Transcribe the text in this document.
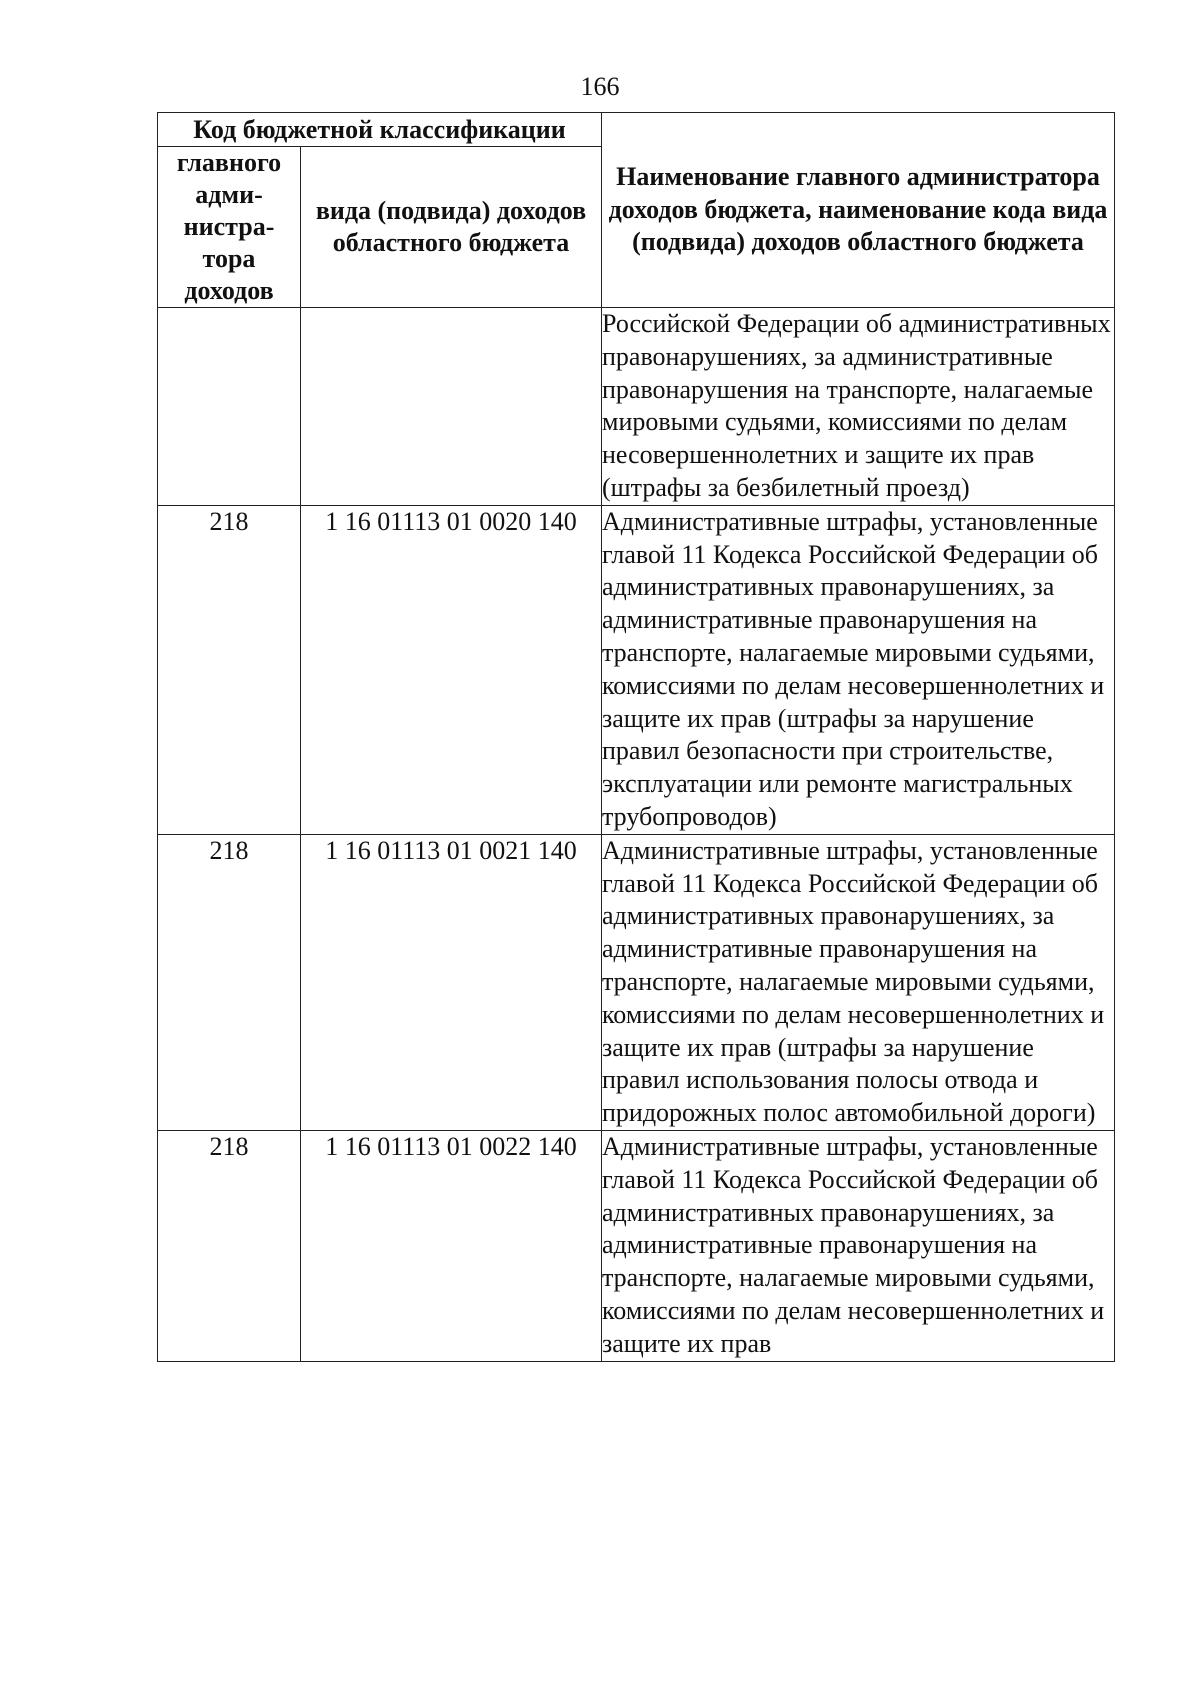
166
Код бюджетной классификации		Наименование главного администратора доходов бюджета, наименование кода вида (подвида) доходов областного бюджета
главного адми- нистра- тора доходов	вида (подвида) доходов областного бюджета	
		Российской Федерации об административных правонарушениях, за административные правонарушения на транспорте, налагаемые мировыми судьями, комиссиями по делам несовершеннолетних и защите их прав (штрафы за безбилетный проезд)
218	1 16 01113 01 0020 140	Административные штрафы, установленные главой 11 Кодекса Российской Федерации об административных правонарушениях, за административные правонарушения на транспорте, налагаемые мировыми судьями, комиссиями по делам несовершеннолетних и защите их прав (штрафы за нарушение правил безопасности при строительстве, эксплуатации или ремонте магистральных трубопроводов)
218	1 16 01113 01 0021 140	Административные штрафы, установленные главой 11 Кодекса Российской Федерации об административных правонарушениях, за административные правонарушения на транспорте, налагаемые мировыми судьями, комиссиями по делам несовершеннолетних и защите их прав (штрафы за нарушение правил использования полосы отвода и придорожных полос автомобильной дороги)
218	1 16 01113 01 0022 140	Административные штрафы, установленные главой 11 Кодекса Российской Федерации об административных правонарушениях, за административные правонарушения на транспорте, налагаемые мировыми судьями, комиссиями по делам несовершеннолетних и защите их прав
